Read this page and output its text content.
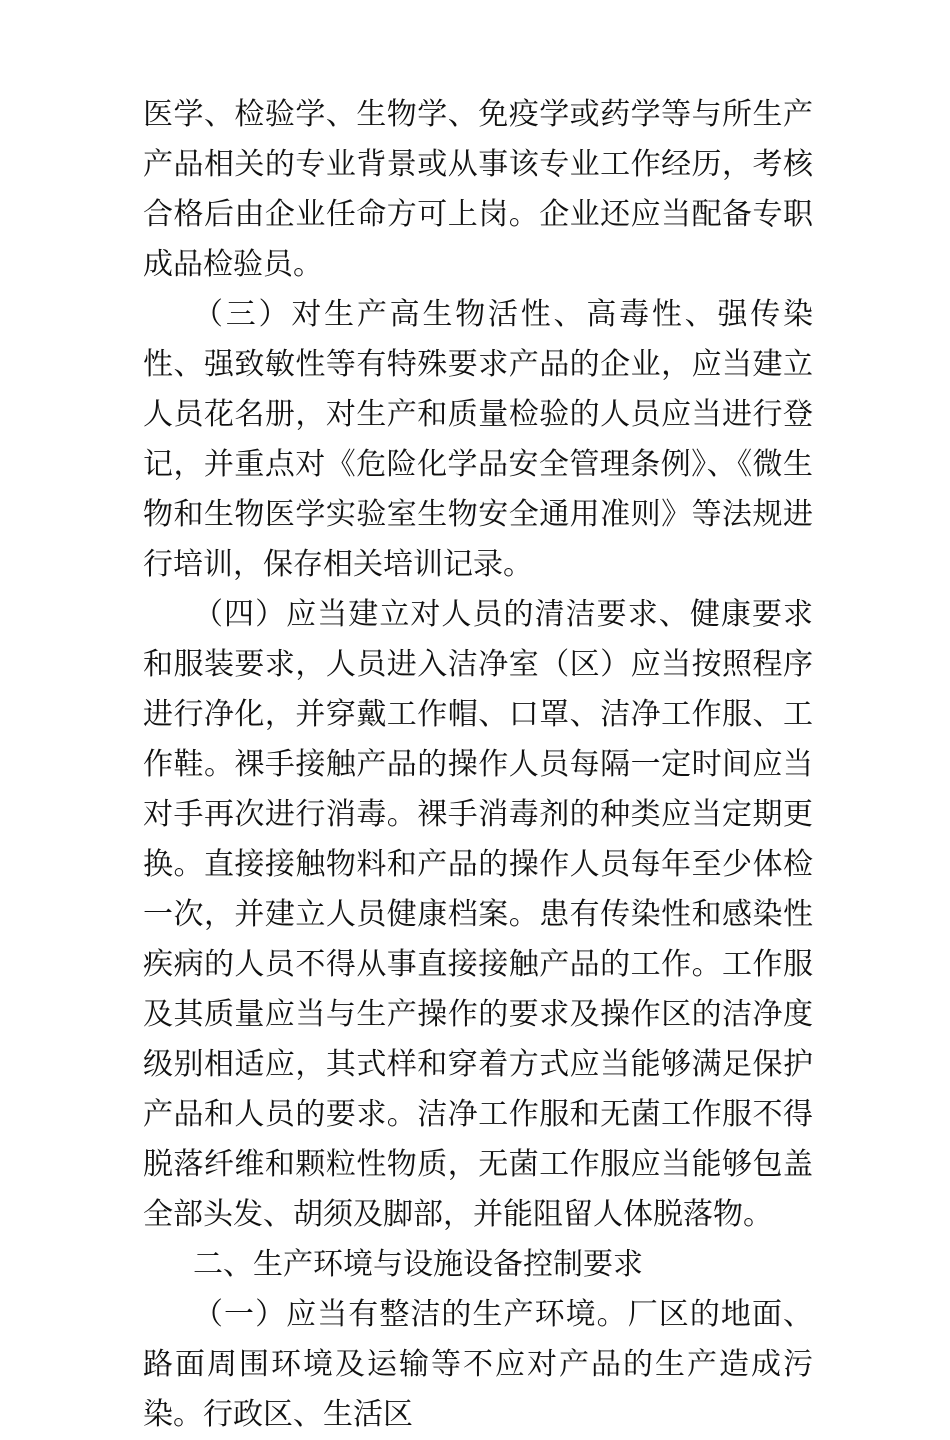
医学、检验学、生物学、免疫学或药学等与所生产产品相关的专业背景或从事该专业工作经历，考核合格后由企业任命方可上岗。企业还应当配备专职成品检验员。

（三）对生产高生物活性、高毒性、强传染性、强致敏性等有特殊要求产品的企业，应当建立人员花名册，对生产和质量检验的人员应当进行登记，并重点对《危险化学品安全管理条例》、《微生物和生物医学实验室生物安全通用准则》等法规进行培训，保存相关培训记录。

（四）应当建立对人员的清洁要求、健康要求和服装要求，人员进入洁净室（区）应当按照程序进行净化，并穿戴工作帽、口罩、洁净工作服、工作鞋。裸手接触产品的操作人员每隔一定时间应当对手再次进行消毒。裸手消毒剂的种类应当定期更换。直接接触物料和产品的操作人员每年至少体检一次，并建立人员健康档案。患有传染性和感染性疾病的人员不得从事直接接触产品的工作。工作服及其质量应当与生产操作的要求及操作区的洁净度级别相适应，其式样和穿着方式应当能够满足保护产品和人员的要求。洁净工作服和无菌工作服不得脱落纤维和颗粒性物质，无菌工作服应当能够包盖全部头发、胡须及脚部，并能阻留人体脱落物。

二、生产环境与设施设备控制要求

（一）应当有整洁的生产环境。厂区的地面、路面周围环境及运输等不应对产品的生产造成污染。行政区、生活区
